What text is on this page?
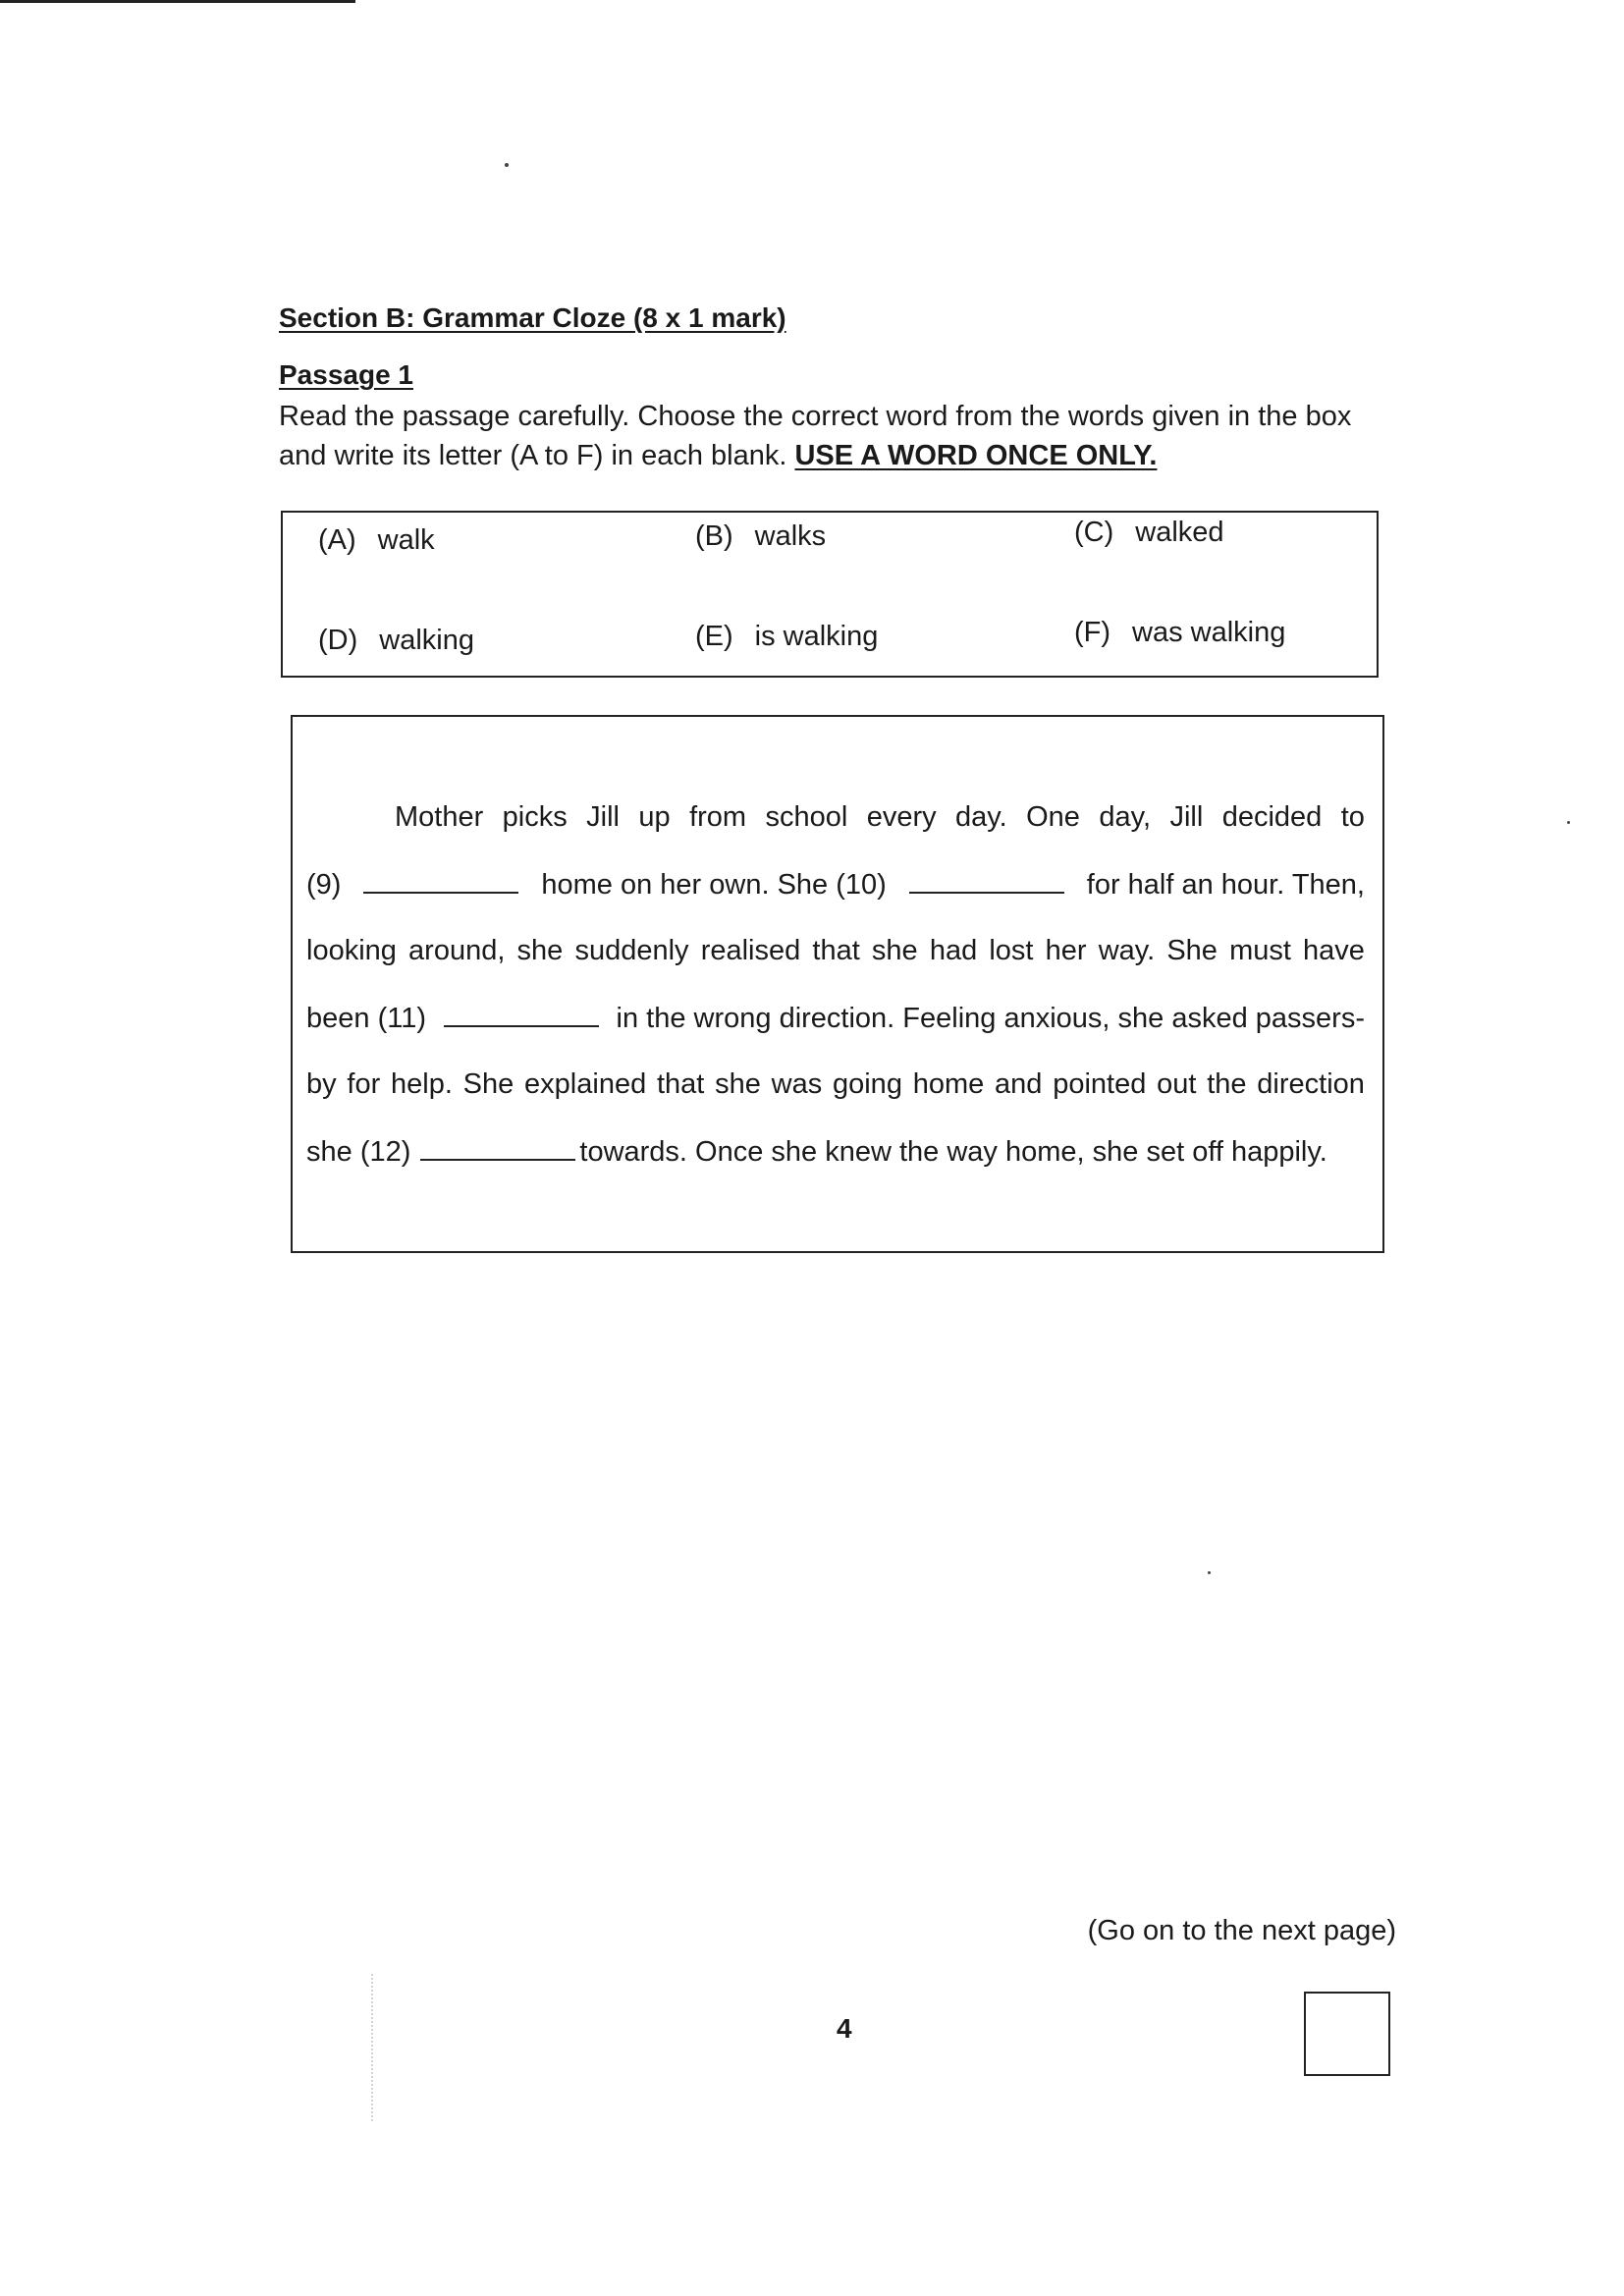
Section B: Grammar Cloze (8 x 1 mark)
Passage 1
Read the passage carefully. Choose the correct word from the words given in the box and write its letter (A to F) in each blank. USE A WORD ONCE ONLY.
(A) walk	(B) walks	(C) walked
(D) walking	(E) is walking	(F) was walking
Mother picks Jill up from school every day. One day, Jill decided to
(9)	home on her own. She (10)	for half an hour. Then,
looking around, she suddenly realised that she had lost her way. She must have
been (11)	in the wrong direction. Feeling anxious, she asked passers-
by for help. She explained that she was going home and pointed out the direction
she (12)	towards. Once she knew the way home, she set off happily.
(Go on to the next page)
4
